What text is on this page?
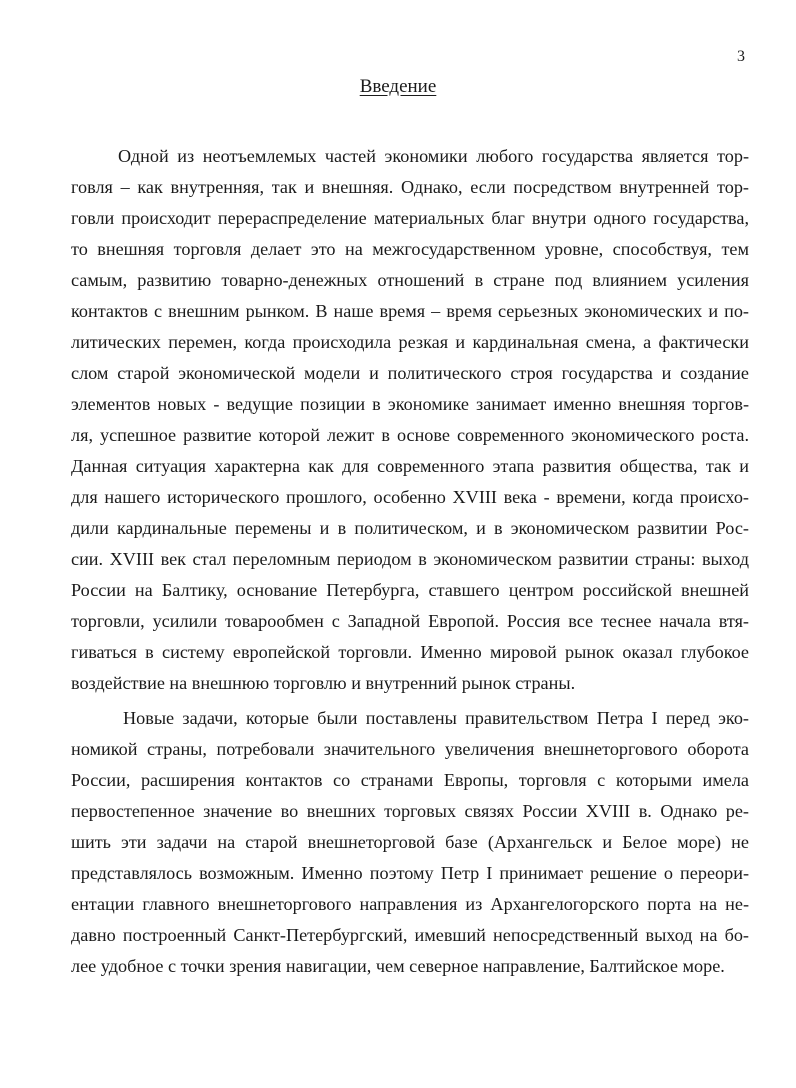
3
Введение
Одной из неотъемлемых частей экономики любого государства является тор-
говля – как внутренняя, так и внешняя. Однако, если посредством внутренней тор-
говли происходит перераспределение материальных благ внутри одного государства,
то внешняя торговля делает это на межгосударственном уровне, способствуя, тем
самым, развитию товарно-денежных отношений в стране под влиянием усиления
контактов с внешним рынком. В наше время – время серьезных экономических и по-
литических перемен, когда происходила резкая и кардинальная смена, а фактически
слом старой экономической модели и политического строя государства и создание
элементов новых - ведущие позиции в экономике занимает именно внешняя торгов-
ля, успешное развитие которой лежит в основе современного экономического роста.
Данная ситуация характерна как для современного этапа развития общества, так и
для нашего исторического прошлого, особенно XVIII века - времени, когда происхо-
дили кардинальные перемены и в политическом, и в экономическом развитии Рос-
сии. XVIII век стал переломным периодом в экономическом развитии страны: выход
России на Балтику, основание Петербурга, ставшего центром российской внешней
торговли, усилили товарообмен с Западной Европой. Россия все теснее начала втя-
гиваться в систему европейской торговли. Именно мировой рынок оказал глубокое
воздействие на внешнюю торговлю и внутренний рынок страны.
Новые задачи, которые были поставлены правительством Петра I перед эко-
номикой страны, потребовали значительного увеличения внешнеторгового оборота
России, расширения контактов со странами Европы, торговля с которыми имела
первостепенное значение во внешних торговых связях России XVIII в. Однако ре-
шить эти задачи на старой внешнеторговой базе (Архангельск и Белое море) не
представлялось возможным. Именно поэтому Петр I принимает решение о переори-
ентации главного внешнеторгового направления из Архангелогорского порта на не-
давно построенный Санкт-Петербургский, имевший непосредственный выход на бо-
лее удобное с точки зрения навигации, чем северное направление, Балтийское море.
